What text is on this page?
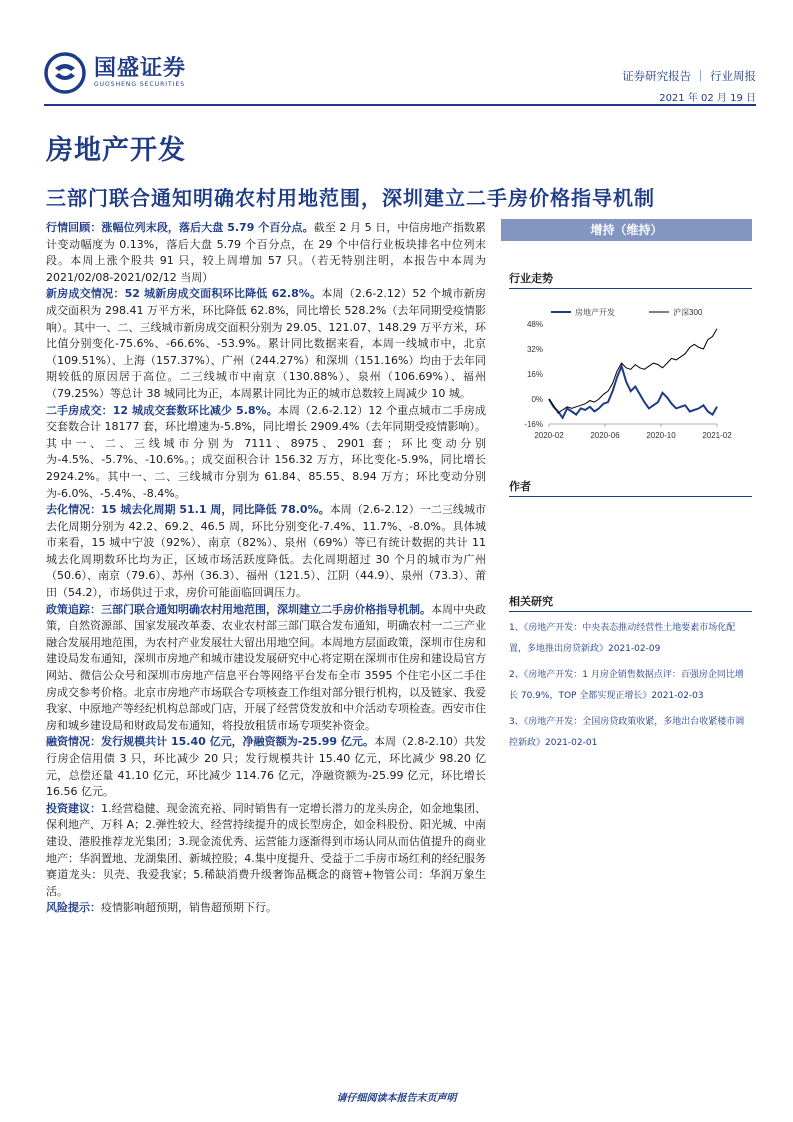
国盛证券
GUOSHENG SECURITIES
证券研究报告 ｜ 行业周报
2021 年 02 月 19 日
房地产开发
三部门联合通知明确农村用地范围，深圳建立二手房价格指导机制

行情回顾：涨幅位列末段，落后大盘 5.79 个百分点。截至 2 月 5 日，中信房地产指数累计变动幅度为 0.13%，落后大盘 5.79 个百分点，在 29 个中信行业板块排名中位列末段。本周上涨个股共 91 只，较上周增加 57 只。（若无特别注明，本报告中本周为 2021/02/08-2021/02/12 当周）

新房成交情况：52 城新房成交面积环比降低 62.8%。本周（2.6-2.12）52 个城市新房成交面积为 298.41 万平方米，环比降低 62.8%，同比增长 528.2%（去年同期受疫情影响）。其中一、二、三线城市新房成交面积分别为 29.05、121.07、148.29 万平方米，环比值分别变化-75.6%、-66.6%、-53.9%。累计同比数据来看，本周一线城市中，北京（109.51%）、上海（157.37%）、广州（244.27%）和深圳（151.16%）均由于去年同期较低的原因居于高位。二三线城市中南京（130.88%）、泉州（106.69%）、福州（79.25%）等总计 38 城同比为正，本周累计同比为正的城市总数较上周减少 10 城。

二手房成交：12 城成交套数环比减少 5.8%。本周（2.6-2.12）12 个重点城市二手房成交套数合计 18177 套，环比增速为-5.8%，同比增长 2909.4%（去年同期受疫情影响）。其中一、二、三线城市分别为 7111、8975、2901 套；环比变动分别为-4.5%、-5.7%、-10.6%。；成交面积合计 156.32 万方，环比变化-5.9%，同比增长 2924.2%。其中一、二、三线城市分别为 61.84、85.55、8.94 万方；环比变动分别为-6.0%、-5.4%、-8.4%。

去化情况：15 城去化周期 51.1 周，同比降低 78.0%。本周（2.6-2.12）一二三线城市去化周期分别为 42.2、69.2、46.5 周，环比分别变化-7.4%、11.7%、-8.0%。具体城市来看，15 城中宁波（92%）、南京（82%）、泉州（69%）等已有统计数据的共计 11 城去化周期数环比均为正，区域市场活跃度降低。去化周期超过 30 个月的城市为广州（50.6）、南京（79.6）、苏州（36.3）、福州（121.5）、江阴（44.9）、泉州（73.3）、莆田（54.2），市场供过于求，房价可能面临回调压力。

政策追踪：三部门联合通知明确农村用地范围，深圳建立二手房价格指导机制。本周中央政策，自然资源部、国家发展改革委、农业农村部三部门联合发布通知，明确农村一二三产业融合发展用地范围，为农村产业发展壮大留出用地空间。本周地方层面政策，深圳市住房和建设局发布通知，深圳市房地产和城市建设发展研究中心将定期在深圳市住房和建设局官方网站、微信公众号和深圳市房地产信息平台等网络平台发布全市 3595 个住宅小区二手住房成交参考价格。北京市房地产市场联合专项核查工作组对部分银行机构，以及链家、我爱我家、中原地产等经纪机构总部或门店，开展了经营贷发放和中介活动专项检查。西安市住房和城乡建设局和财政局发布通知，将投放租赁市场专项奖补资金。

融资情况：发行规模共计 15.40 亿元，净融资额为-25.99 亿元。本周（2.8-2.10）共发行房企信用债 3 只，环比减少 20 只；发行规模共计 15.40 亿元，环比减少 98.20 亿元，总偿还量 41.10 亿元，环比减少 114.76 亿元，净融资额为-25.99 亿元，环比增长 16.56 亿元。

投资建议：1.经营稳健、现金流充裕、同时销售有一定增长潜力的龙头房企，如金地集团、保利地产、万科 A；2.弹性较大、经营持续提升的成长型房企，如金科股份、阳光城、中南建设、港股推荐龙光集团；3.现金流优秀、运营能力逐渐得到市场认同从而估值提升的商业地产：华润置地、龙湖集团、新城控股；4.集中度提升、受益于二手房市场红利的经纪服务赛道龙头：贝壳、我爱我家；5.稀缺消费升级奢饰品概念的商管+物管公司：华润万象生活。

风险提示：疫情影响超预期，销售超预期下行。

增持（维持）
行业走势
48%
32%
16%
0%
-16%
2020-02	2020-06	2020-10	2021-02
房地产开发	沪深300
作者
相关研究

1、《房地产开发：中央表态推动经营性土地要素市场化配置，多地推出房贷新政》2021-02-09

2、《房地产开发：1 月房企销售数据点评：百强房企同比增长 70.9%，TOP 全都实现正增长》2021-02-03

3、《房地产开发：全国房贷政策收紧，多地出台收紧楼市调控新政》2021-02-01

请仔细阅读本报告末页声明
